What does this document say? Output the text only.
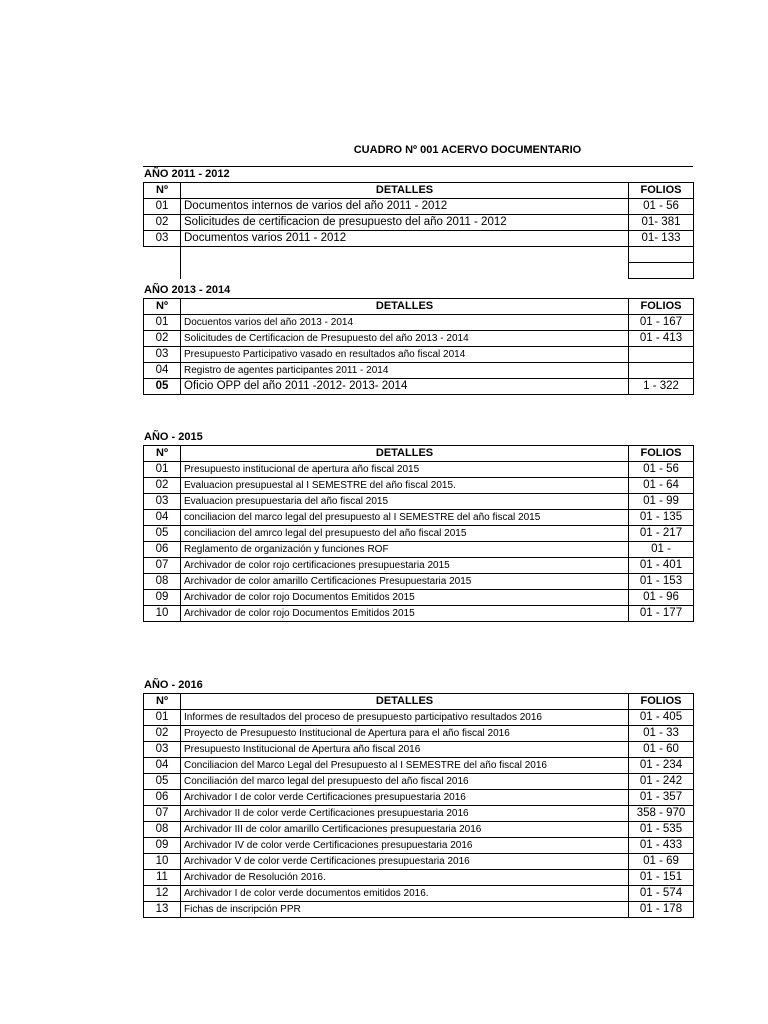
CUADRO Nº 001 ACERVO DOCUMENTARIO
AÑO 2011 - 2012
Nº	DETALLES	FOLIOS
01	Documentos internos de varios del año 2011 - 2012	01 - 56
02	Solicitudes de certificacion de presupuesto del año 2011 - 2012	01- 381
03	Documentos varios 2011 - 2012	01- 133

AÑO 2013 - 2014
Nº	DETALLES	FOLIOS
01	Docuentos varios del año 2013 - 2014	01 - 167
02	Solicitudes de Certificacion de Presupuesto del año 2013 - 2014	01 - 413
03	Presupuesto Participativo vasado en resultados año fiscal 2014	
04	Registro de agentes participantes 2011 - 2014	
05	Oficio OPP del año 2011 -2012- 2013- 2014	1 - 322
AÑO - 2015
Nº	DETALLES	FOLIOS
01	Presupuesto institucional de apertura año fiscal 2015	01 - 56
02	Evaluacion presupuestal al I SEMESTRE del año fiscal 2015.	01 - 64
03	Evaluacion presupuestaria del año fiscal 2015	01 - 99
04	conciliacion del marco legal del presupuesto al I SEMESTRE del año fiscal 2015	01 - 135
05	conciliacion del amrco legal del presupuesto del año fiscal 2015	01 - 217
06	Reglamento de organización y funciones ROF	01 -
07	Archivador de color rojo certificaciones presupuestaria 2015	01 - 401
08	Archivador de color amarillo Certificaciones Presupuestaria 2015	01 - 153
09	Archivador de color rojo Documentos Emitidos 2015	01 - 96
10	Archivador de color rojo Documentos Emitidos 2015	01 - 177
AÑO - 2016
Nº	DETALLES	FOLIOS
01	Informes de resultados del proceso de presupuesto participativo resultados 2016	01 - 405
02	Proyecto de Presupuesto Institucional de Apertura para el año fiscal 2016	01 - 33
03	Presupuesto Institucional de Apertura año fiscal 2016	01 - 60
04	Conciliacion del Marco Legal del Presupuesto al I SEMESTRE del año fiscal 2016	01 - 234
05	Conciliación del marco legal del presupuesto del año fiscal 2016	01 - 242
06	Archivador I de color verde Certificaciones presupuestaria 2016	01 - 357
07	Archivador II de color verde Certificaciones presupuestaria 2016	358 - 970
08	Archivador III de color amarillo Certificaciones presupuestaria 2016	01 - 535
09	Archivador IV de color verde Certificaciones presupuestaria 2016	01 - 433
10	Archivador V de color verde Certificaciones presupuestaria 2016	01 - 69
11	Archivador de Resolución 2016.	01 - 151
12	Archivador I de color verde documentos emitidos 2016.	01 - 574
13	Fichas de inscripción PPR	01 - 178
